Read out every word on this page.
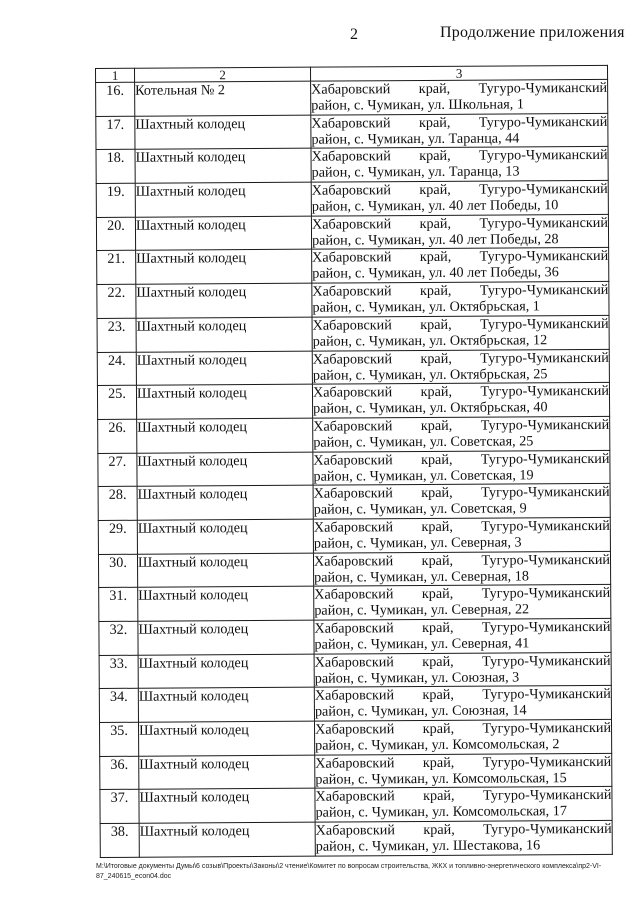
2	Продолжение приложения
1	2	3
16.	Котельная № 2	Хабаровский край, Тугуро-Чумиканский
район, с. Чумикан, ул. Школьная, 1

17.	Шахтный колодец	Хабаровский край, Тугуро-Чумиканский
район, с. Чумикан, ул. Таранца, 44

18.	Шахтный колодец	Хабаровский край, Тугуро-Чумиканский
район, с. Чумикан, ул. Таранца, 13

19.	Шахтный колодец	Хабаровский край, Тугуро-Чумиканский
район, с. Чумикан, ул. 40 лет Победы, 10

20.	Шахтный колодец	Хабаровский край, Тугуро-Чумиканский
район, с. Чумикан, ул. 40 лет Победы, 28

21.	Шахтный колодец	Хабаровский край, Тугуро-Чумиканский
район, с. Чумикан, ул. 40 лет Победы, 36

22.	Шахтный колодец	Хабаровский край, Тугуро-Чумиканский
район, с. Чумикан, ул. Октябрьская, 1

23.	Шахтный колодец	Хабаровский край, Тугуро-Чумиканский
район, с. Чумикан, ул. Октябрьская, 12

24.	Шахтный колодец	Хабаровский край, Тугуро-Чумиканский
район, с. Чумикан, ул. Октябрьская, 25

25.	Шахтный колодец	Хабаровский край, Тугуро-Чумиканский
район, с. Чумикан, ул. Октябрьская, 40

26.	Шахтный колодец	Хабаровский край, Тугуро-Чумиканский
район, с. Чумикан, ул. Советская, 25

27.	Шахтный колодец	Хабаровский край, Тугуро-Чумиканский
район, с. Чумикан, ул. Советская, 19

28.	Шахтный колодец	Хабаровский край, Тугуро-Чумиканский
район, с. Чумикан, ул. Советская, 9

29.	Шахтный колодец	Хабаровский край, Тугуро-Чумиканский
район, с. Чумикан, ул. Северная, 3

30.	Шахтный колодец	Хабаровский край, Тугуро-Чумиканский
район, с. Чумикан, ул. Северная, 18

31.	Шахтный колодец	Хабаровский край, Тугуро-Чумиканский
район, с. Чумикан, ул. Северная, 22

32.	Шахтный колодец	Хабаровский край, Тугуро-Чумиканский
район, с. Чумикан, ул. Северная, 41

33.	Шахтный колодец	Хабаровский край, Тугуро-Чумиканский
район, с. Чумикан, ул. Союзная, 3

34.	Шахтный колодец	Хабаровский край, Тугуро-Чумиканский
район, с. Чумикан, ул. Союзная, 14

35.	Шахтный колодец	Хабаровский край, Тугуро-Чумиканский
район, с. Чумикан, ул. Комсомольская, 2

36.	Шахтный колодец	Хабаровский край, Тугуро-Чумиканский
район, с. Чумикан, ул. Комсомольская, 15

37.	Шахтный колодец	Хабаровский край, Тугуро-Чумиканский
район, с. Чумикан, ул. Комсомольская, 17

38.	Шахтный колодец	Хабаровский край, Тугуро-Чумиканский
район, с. Чумикан, ул. Шестакова, 16
М:\Итоговые документы Думы\6 созыв\Проекты\Законы\2 чтение\Комитет по вопросам строительства, ЖКХ и топливно-энергетического комплекса\пр2-VI-87_240615_econ04.doc
